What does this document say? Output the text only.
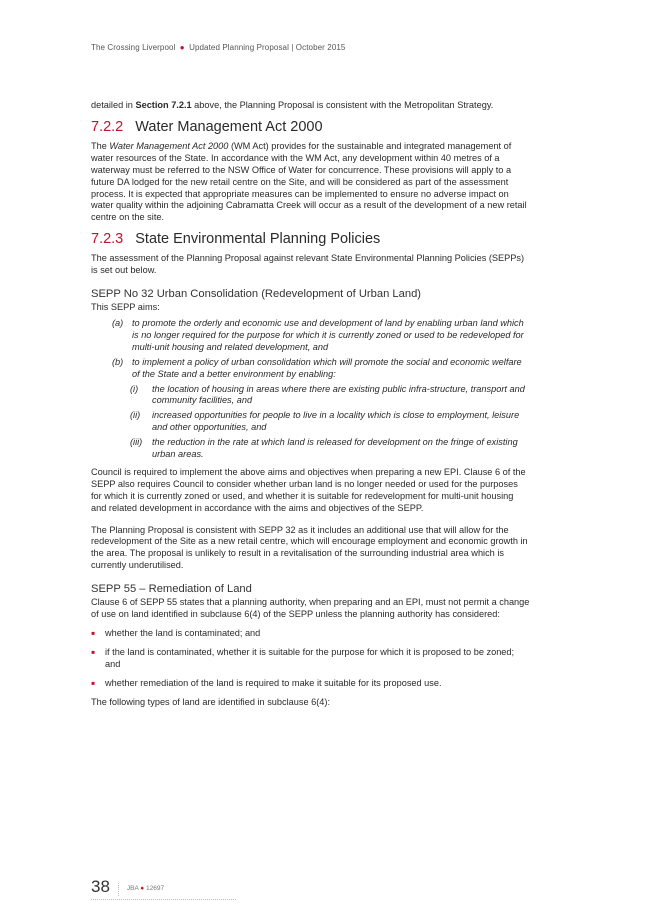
The Crossing Liverpool ● Updated Planning Proposal | October 2015

detailed in Section 7.2.1 above, the Planning Proposal is consistent with the Metropolitan Strategy.

7.2.2 Water Management Act 2000

The Water Management Act 2000 (WM Act) provides for the sustainable and integrated management of water resources of the State. In accordance with the WM Act, any development within 40 metres of a waterway must be referred to the NSW Office of Water for concurrence. These provisions will apply to a future DA lodged for the new retail centre on the Site, and will be considered as part of the assessment process. It is expected that appropriate measures can be implemented to ensure no adverse impact on water quality within the adjoining Cabramatta Creek will occur as a result of the development of a new retail centre on the site.

7.2.3 State Environmental Planning Policies

The assessment of the Planning Proposal against relevant State Environmental Planning Policies (SEPPs) is set out below.

SEPP No 32 Urban Consolidation (Redevelopment of Urban Land)

This SEPP aims:

(a) to promote the orderly and economic use and development of land by enabling urban land which is no longer required for the purpose for which it is currently zoned or used to be redeveloped for multi-unit housing and related development, and
(b) to implement a policy of urban consolidation which will promote the social and economic welfare of the State and a better environment by enabling:
(i)	the location of housing in areas where there are existing public infra-structure, transport and community facilities, and
(ii)	increased opportunities for people to live in a locality which is close to employment, leisure and other opportunities, and
(iii)	the reduction in the rate at which land is released for development on the fringe of existing urban areas.

Council is required to implement the above aims and objectives when preparing a new EPI. Clause 6 of the SEPP also requires Council to consider whether urban land is no longer needed or used for the purposes for which it is currently zoned or used, and whether it is suitable for redevelopment for multi-unit housing and related development in accordance with the aims and objectives of the SEPP.

The Planning Proposal is consistent with SEPP 32 as it includes an additional use that will allow for the redevelopment of the Site as a new retail centre, which will encourage employment and economic growth in the area. The proposal is unlikely to result in a revitalisation of the surrounding industrial area which is currently underutilised.

SEPP 55 – Remediation of Land

Clause 6 of SEPP 55 states that a planning authority, when preparing and an EPI, must not permit a change of use on land identified in subclause 6(4) of the SEPP unless the planning authority has considered:

▪	whether the land is contaminated; and
▪	if the land is contaminated, whether it is suitable for the purpose for which it is proposed to be zoned; and
▪	whether remediation of the land is required to make it suitable for its proposed use.

The following types of land are identified in subclause 6(4):

38	JBA ● 12697
